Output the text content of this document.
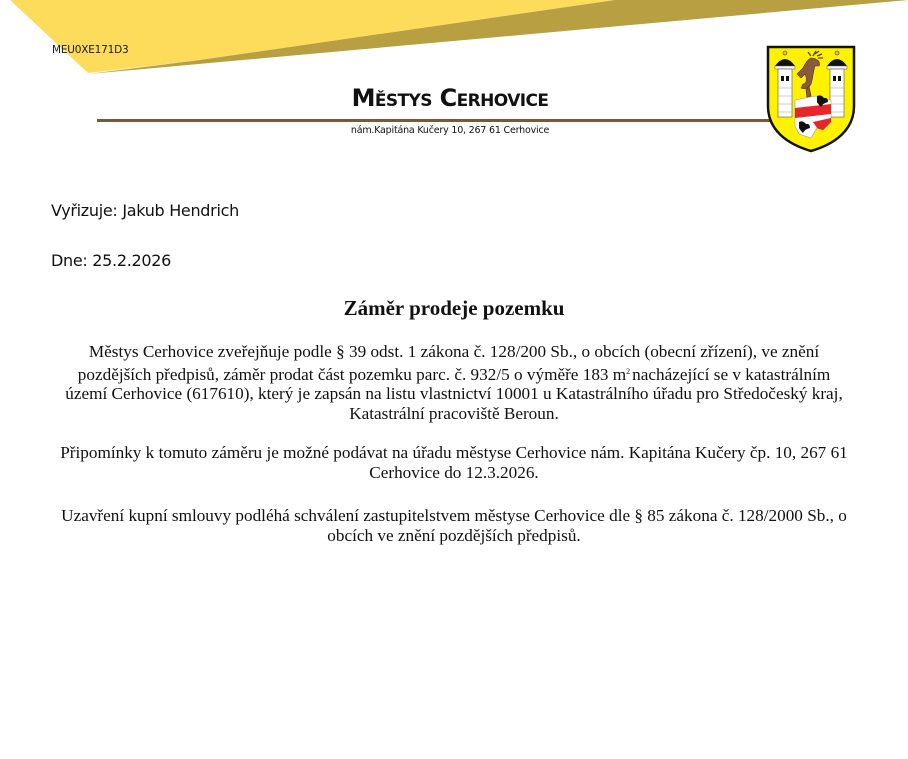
MEU0XE171D3
Městys Cerhovice
nám.Kapitána Kučery 10, 267 61 Cerhovice
Vyřizuje: Jakub Hendrich
Dne: 25.2.2026
Záměr prodeje pozemku
Městys Cerhovice zveřejňuje podle § 39 odst. 1 zákona č. 128/200 Sb., o obcích (obecní zřízení), ve znění
pozdějších předpisů, záměr prodat část pozemku parc. č. 932/5 o výměře 183 $m^2$ nacházející se v katastrálním
území Cerhovice (617610), který je zapsán na listu vlastnictví 10001 u Katastrálního úřadu pro Středočeský kraj,
Katastrální pracoviště Beroun.
Připomínky k tomuto záměru je možné podávat na úřadu městyse Cerhovice nám. Kapitána Kučery čp. 10, 267 61
Cerhovice do 12.3.2026.
Uzavření kupní smlouvy podléhá schválení zastupitelstvem městyse Cerhovice dle § 85 zákona č. 128/2000 Sb., o
obcích ve znění pozdějších předpisů.
